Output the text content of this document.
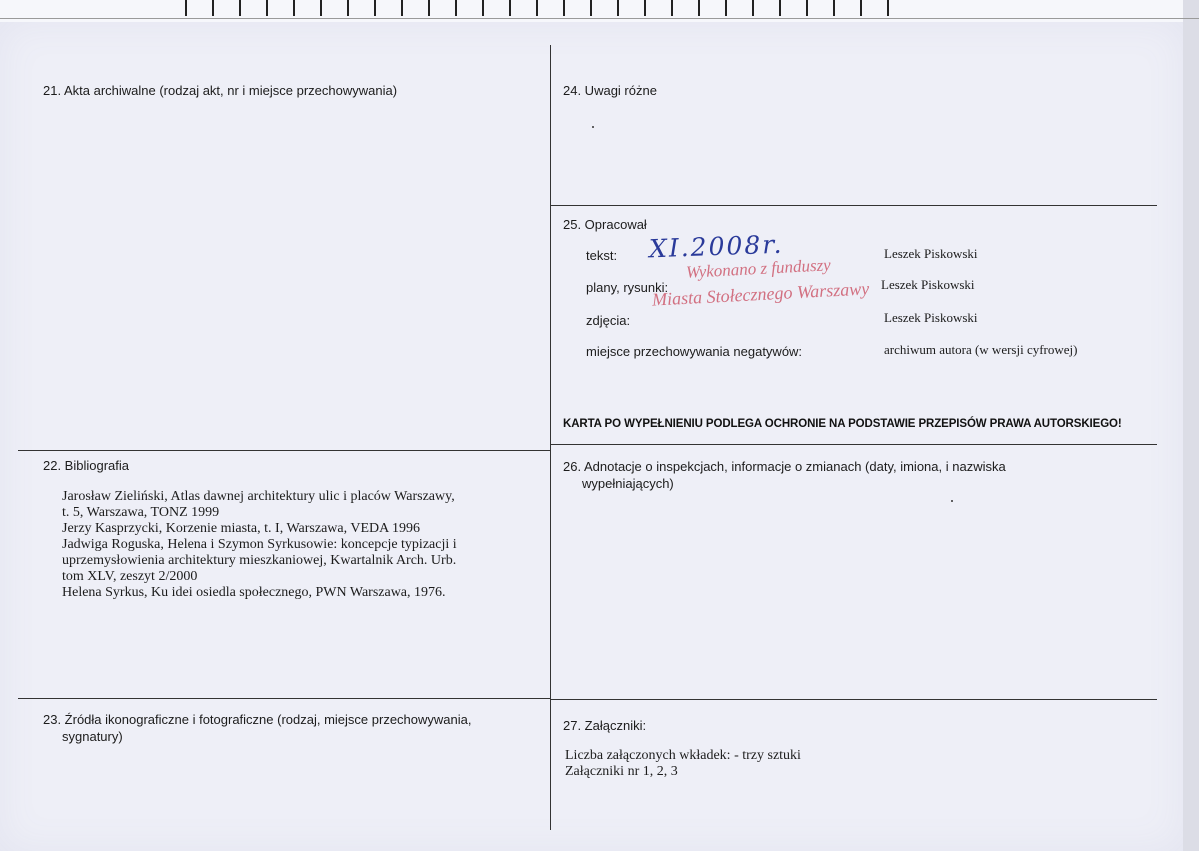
21. Akta archiwalne (rodzaj akt, nr i miejsce przechowywania)
22. Bibliografia
Jarosław Zieliński, Atlas dawnej architektury ulic i placów Warszawy,
t. 5, Warszawa, TONZ 1999
Jerzy Kasprzycki, Korzenie miasta, t. I, Warszawa, VEDA 1996
Jadwiga Roguska, Helena i Szymon Syrkusowie: koncepcje typizacji i
uprzemysłowienia architektury mieszkaniowej, Kwartalnik Arch. Urb.
tom XLV, zeszyt 2/2000
Helena Syrkus, Ku idei osiedla społecznego, PWN Warszawa, 1976.
23. Źródła ikonograficzne i fotograficzne (rodzaj, miejsce przechowywania,
sygnatury)
24. Uwagi różne
25. Opracował
tekst:	Leszek Piskowski
plany, rysunki:	Leszek Piskowski
zdjęcia:	Leszek Piskowski
miejsce przechowywania negatywów:	archiwum autora (w wersji cyfrowej)
XI.2008r.
Wykonano z funduszy
Miasta Stołecznego Warszawy
KARTA PO WYPEŁNIENIU PODLEGA OCHRONIE NA PODSTAWIE PRZEPISÓW PRAWA AUTORSKIEGO!
26. Adnotacje o inspekcjach, informacje o zmianach (daty, imiona, i nazwiska
wypełniających)
27. Załączniki:
Liczba załączonych wkładek: - trzy sztuki
Załączniki nr 1, 2, 3
